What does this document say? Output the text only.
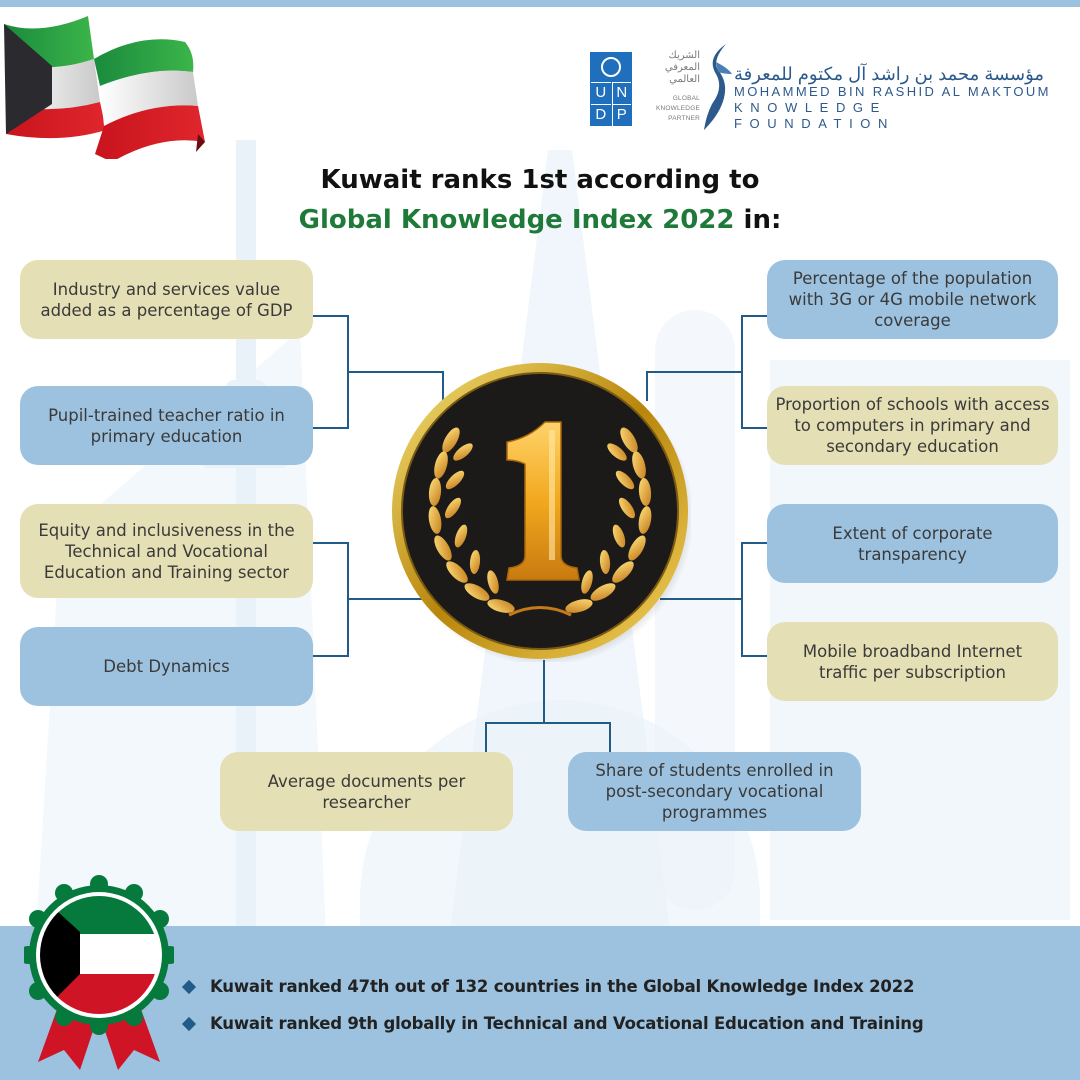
U N
D P
الشريك
المعرفي
العالمي
GLOBAL
KNOWLEDGE
PARTNER
مؤسسة محمد بن راشد آل مكتوم للمعرفة
MOHAMMED BIN RASHID AL MAKTOUM
KNOWLEDGE FOUNDATION
Kuwait ranks 1st according to
Global Knowledge Index 2022 in:
Industry and services value added as a percentage of GDP
Pupil-trained teacher ratio in primary education
Equity and inclusiveness in the Technical and Vocational Education and Training sector
Debt Dynamics
Percentage of the population with 3G or 4G mobile network coverage
Proportion of schools with access to computers in primary and secondary education
Extent of corporate transparency
Mobile broadband Internet traffic per subscription
Average documents per researcher
Share of students enrolled in post-secondary vocational programmes
Kuwait ranked 47th out of 132 countries in the Global Knowledge Index 2022
Kuwait ranked 9th globally in Technical and Vocational Education and Training
